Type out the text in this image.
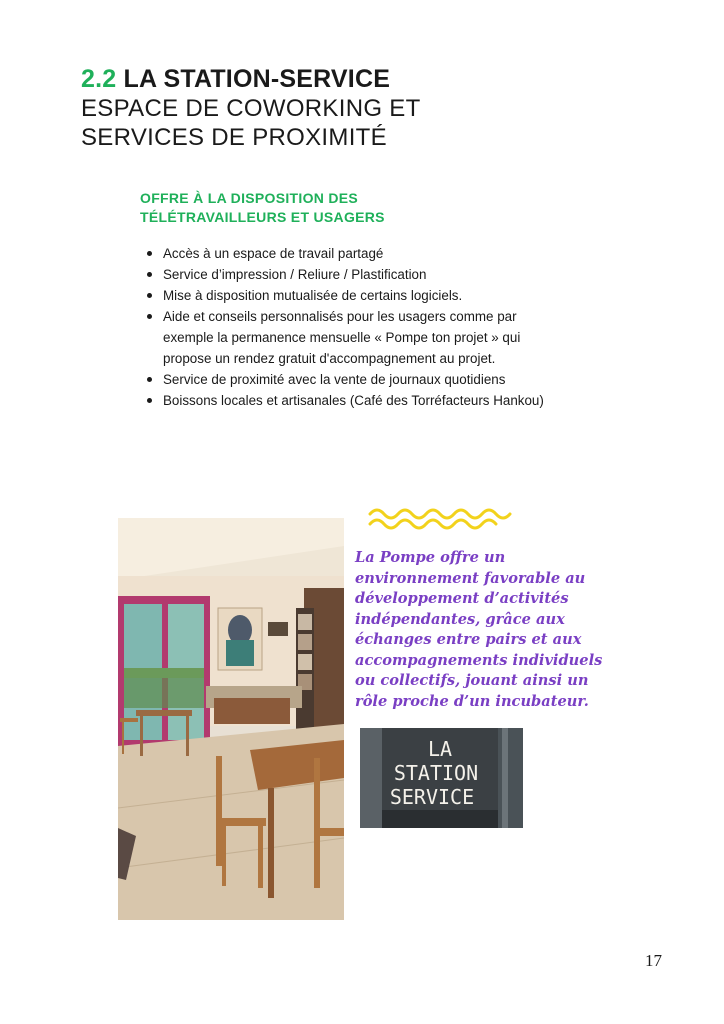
2.2 LA STATION-SERVICE
ESPACE DE COWORKING ET
SERVICES DE PROXIMITÉ
OFFRE À LA DISPOSITION DES
TÉLÉTRAVAILLEURS ET USAGERS
Accès à un espace de travail partagé
Service d’impression / Reliure / Plastification
Mise à disposition mutualisée de certains logiciels.
Aide et conseils personnalisés pour les usagers comme par exemple la permanence mensuelle « Pompe ton projet » qui propose un rendez gratuit d'accompagnement au projet.
Service de proximité avec la vente de journaux quotidiens
Boissons locales et artisanales (Café des Torréfacteurs Hankou)

La Pompe offre un environnement favorable au développement d’activités indépendantes, grâce aux échanges entre pairs et aux accompagnements individuels ou collectifs, jouant ainsi un rôle proche d’un incubateur.

LA
STATION
SERVICE
17
